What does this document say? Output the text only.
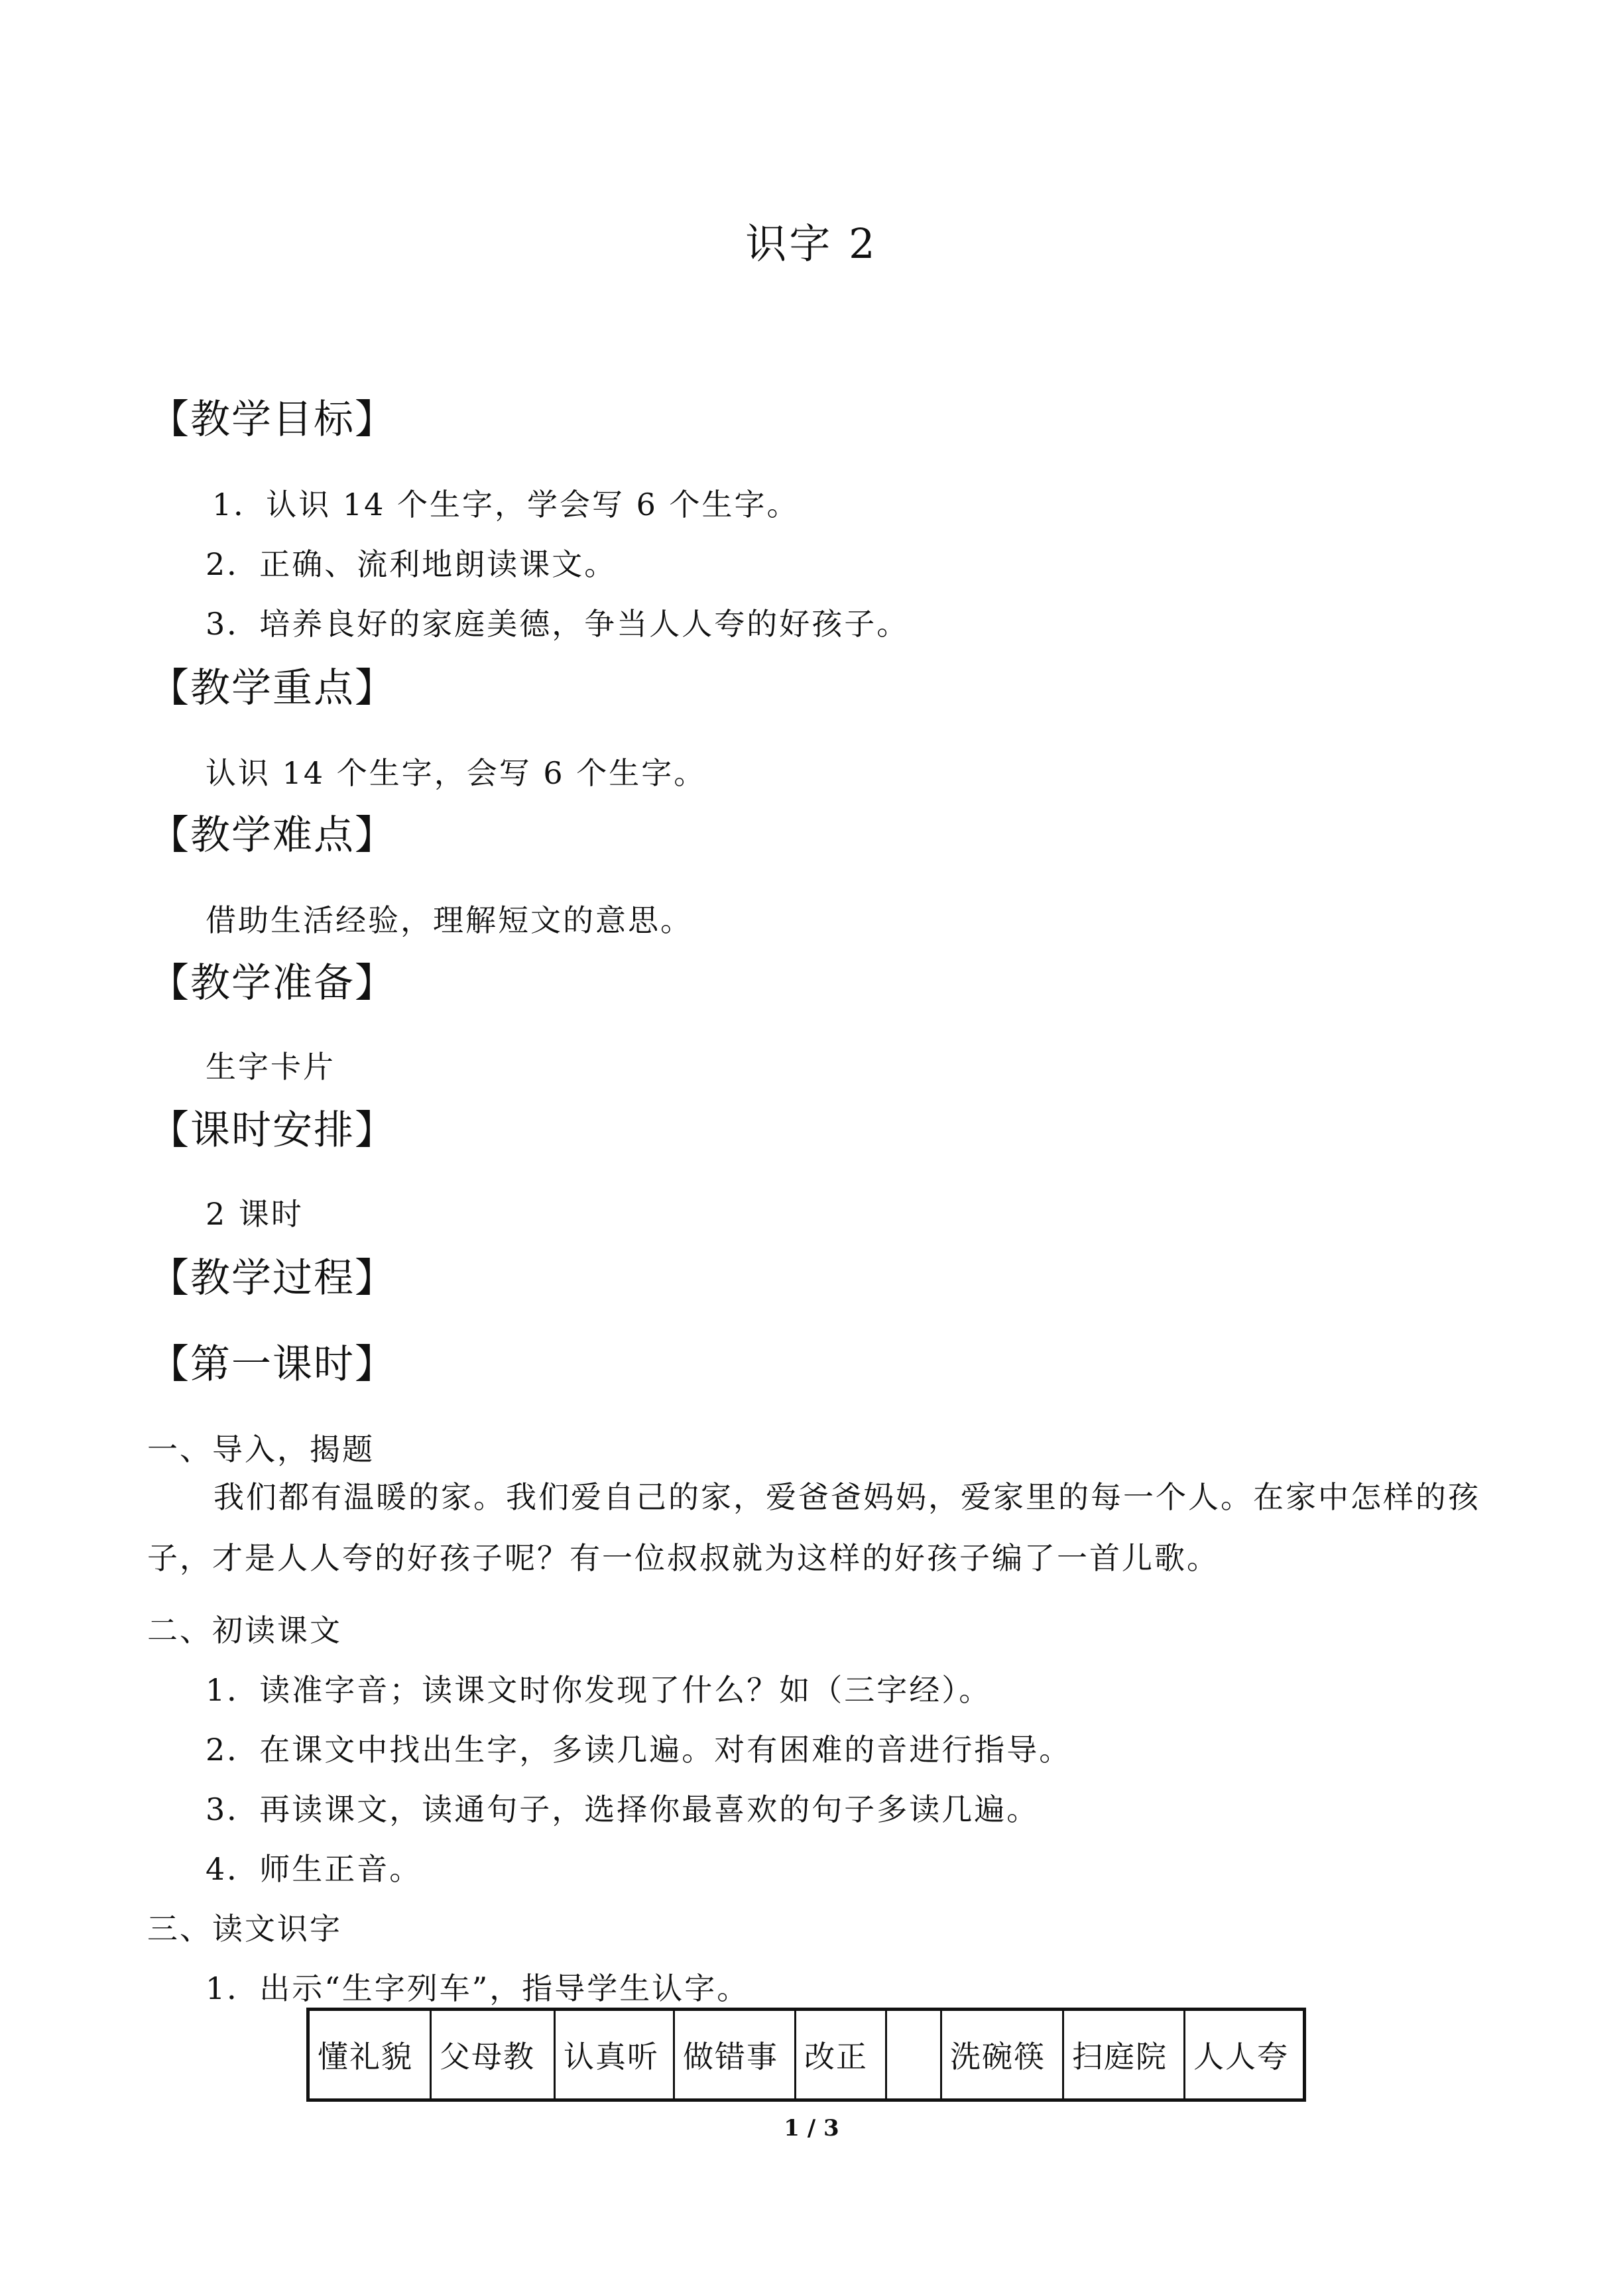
识字 2
【教学目标】
1．认识 14 个生字，学会写 6 个生字。
2．正确、流利地朗读课文。
3．培养良好的家庭美德，争当人人夸的好孩子。
【教学重点】
认识 14 个生字，会写 6 个生字。
【教学难点】
借助生活经验，理解短文的意思。
【教学准备】
生字卡片
【课时安排】
2 课时
【教学过程】
【第一课时】
一、导入，揭题
我们都有温暖的家。我们爱自己的家，爱爸爸妈妈，爱家里的每一个人。在家中怎样的孩子，才是人人夸的好孩子呢？有一位叔叔就为这样的好孩子编了一首儿歌。
二、初读课文
1．读准字音；读课文时你发现了什么？如（三字经）。
2．在课文中找出生字，多读几遍。对有困难的音进行指导。
3．再读课文，读通句子，选择你最喜欢的句子多读几遍。
4．师生正音。
三、读文识字
1．出示“生字列车”，指导学生认字。
懂礼貌	父母教	认真听	做错事	改正		洗碗筷	扫庭院	人人夸
1 / 3
